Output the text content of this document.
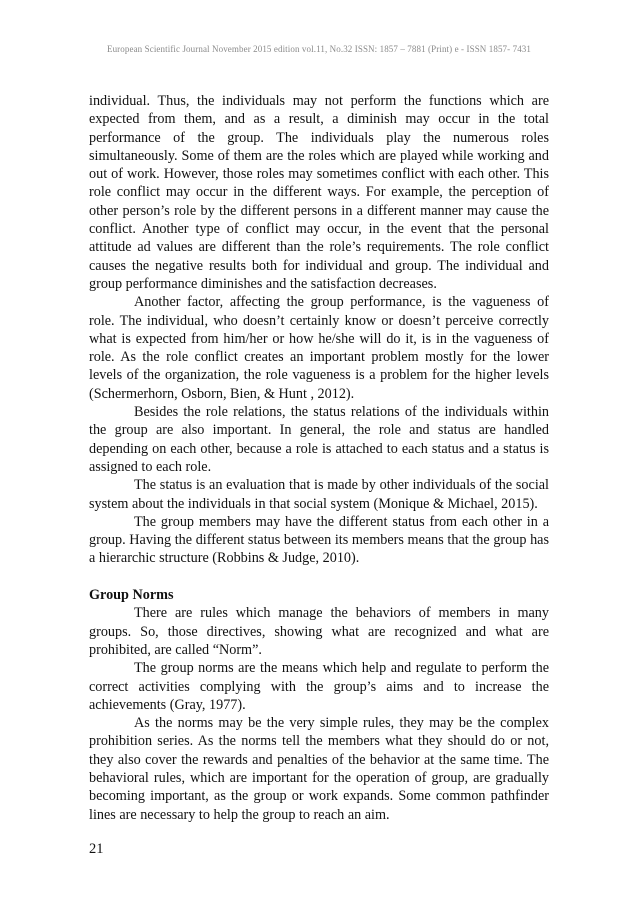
European Scientific Journal November 2015 edition vol.11, No.32 ISSN: 1857 – 7881 (Print) e - ISSN 1857- 7431

individual. Thus, the individuals may not perform the functions which are expected from them, and as a result, a diminish may occur in the total performance of the group. The individuals play the numerous roles simultaneously. Some of them are the roles which are played while working and out of work. However, those roles may sometimes conflict with each other. This role conflict may occur in the different ways. For example, the perception of other person’s role by the different persons in a different manner may cause the conflict. Another type of conflict may occur, in the event that the personal attitude ad values are different than the role’s requirements. The role conflict causes the negative results both for individual and group. The individual and group performance diminishes and the satisfaction decreases.

Another factor, affecting the group performance, is the vagueness of role. The individual, who doesn’t certainly know or doesn’t perceive correctly what is expected from him/her or how he/she will do it, is in the vagueness of role. As the role conflict creates an important problem mostly for the lower levels of the organization, the role vagueness is a problem for the higher levels (Schermerhorn, Osborn, Bien, & Hunt , 2012).

Besides the role relations, the status relations of the individuals within the group are also important. In general, the role and status are handled depending on each other, because a role is attached to each status and a status is assigned to each role.

The status is an evaluation that is made by other individuals of the social system about the individuals in that social system (Monique & Michael, 2015).

The group members may have the different status from each other in a group. Having the different status between its members means that the group has a hierarchic structure (Robbins & Judge, 2010).

Group Norms

There are rules which manage the behaviors of members in many groups. So, those directives, showing what are recognized and what are prohibited, are called “Norm”.

The group norms are the means which help and regulate to perform the correct activities complying with the group’s aims and to increase the achievements (Gray, 1977).

As the norms may be the very simple rules, they may be the complex prohibition series. As the norms tell the members what they should do or not, they also cover the rewards and penalties of the behavior at the same time. The behavioral rules, which are important for the operation of group, are gradually becoming important, as the group or work expands. Some common pathfinder lines are necessary to help the group to reach an aim.

21
